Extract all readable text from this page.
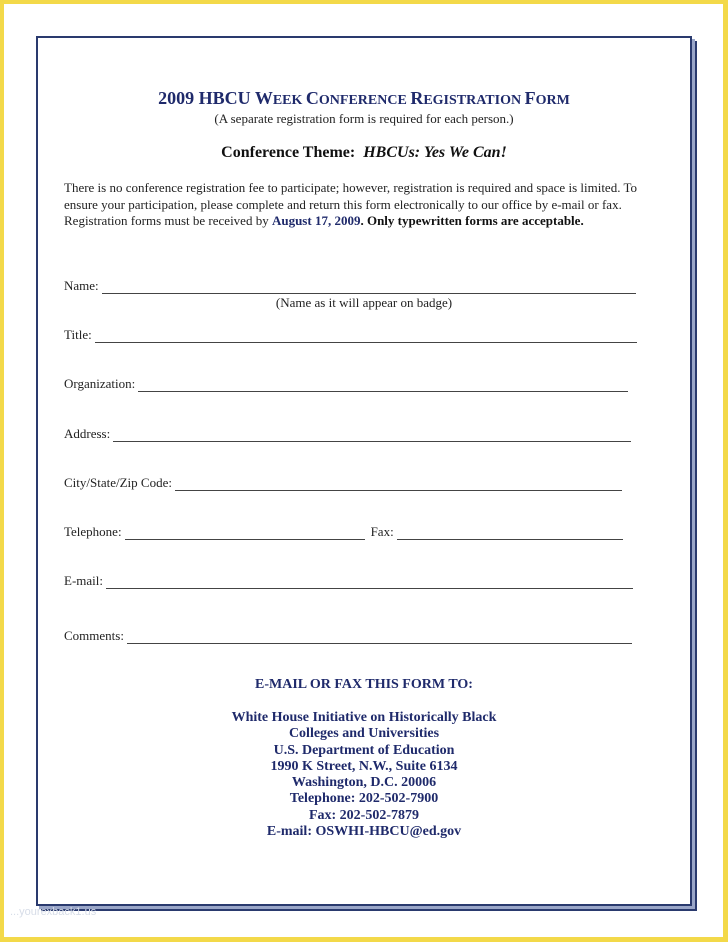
2009 HBCU WEEK CONFERENCE REGISTRATION FORM
(A separate registration form is required for each person.)
Conference Theme: HBCUs: Yes We Can!
There is no conference registration fee to participate; however, registration is required and space is limited. To ensure your participation, please complete and return this form electronically to our office by e-mail or fax. Registration forms must be received by August 17, 2009. Only typewritten forms are acceptable.
Name:
(Name as it will appear on badge)
Title:
Organization:
Address:
City/State/Zip Code:
Telephone:	Fax:
E-mail:
Comments:
E-MAIL OR FAX THIS FORM TO:
White House Initiative on Historically Black
Colleges and Universities
U.S. Department of Education
1990 K Street, N.W., Suite 6134
Washington, D.C. 20006
Telephone: 202-502-7900
Fax: 202-502-7879
E-mail: OSWHI-HBCU@ed.gov
...yourexback1.us
